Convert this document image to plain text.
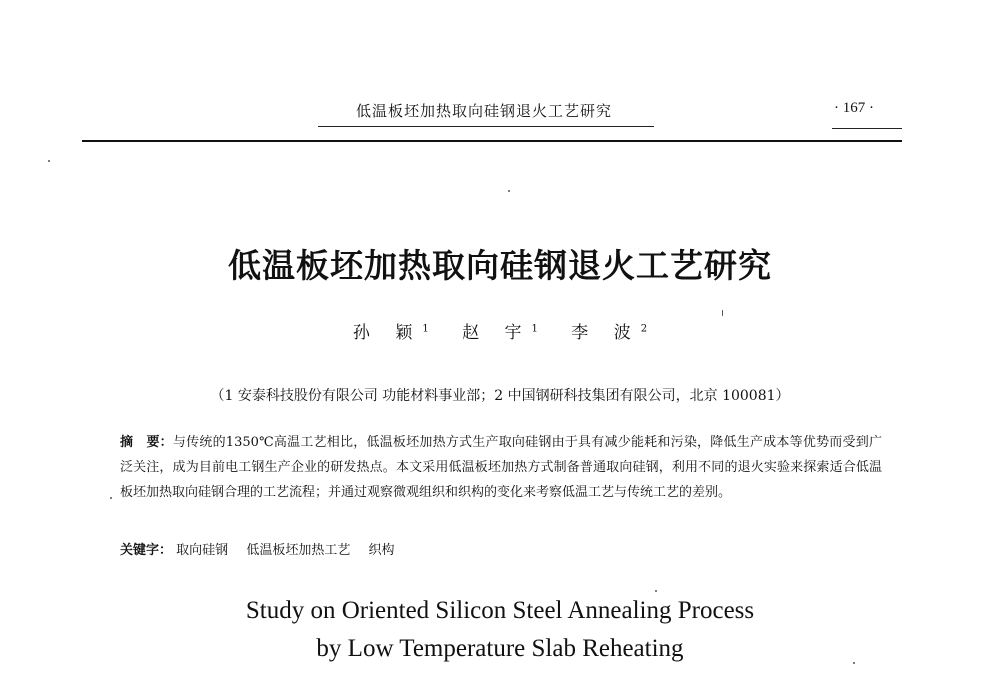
低温板坯加热取向硅钢退火工艺研究	· 167 ·
低温板坯加热取向硅钢退火工艺研究
孙 颖$^1$ 赵 宇$^1$ 李 波$^2$
（1 安泰科技股份有限公司 功能材料事业部；2 中国钢研科技集团有限公司，北京 100081）
摘　要：与传统的1350℃高温工艺相比，低温板坯加热方式生产取向硅钢由于具有减少能耗和污染，降低生产成本等优势而受到广泛关注，成为目前电工钢生产企业的研发热点。本文采用低温板坯加热方式制备普通取向硅钢，利用不同的退火实验来探索适合低温板坯加热取向硅钢合理的工艺流程；并通过观察微观组织和织构的变化来考察低温工艺与传统工艺的差别。
关键字： 取向硅钢 低温板坯加热工艺 织构
Study on Oriented Silicon Steel Annealing Process
by Low Temperature Slab Reheating
